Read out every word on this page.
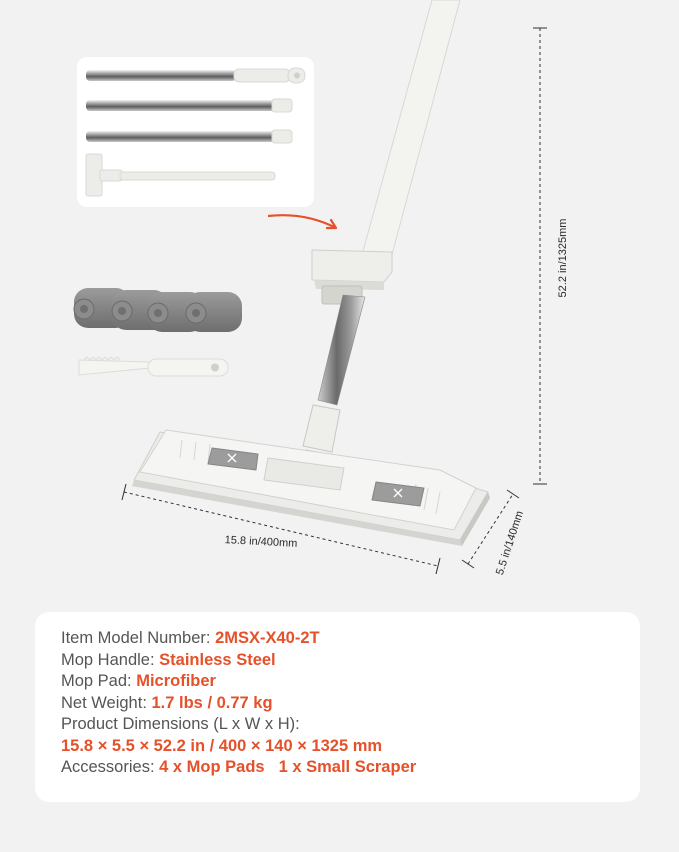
52.2 in/1325mm
15.8 in/400mm	5.5 in/140mm
Item Model Number: 2MSX-X40-2T
Mop Handle: Stainless Steel
Mop Pad: Microfiber
Net Weight: 1.7 lbs / 0.77 kg
Product Dimensions (L x W x H):
15.8 × 5.5 × 52.2 in / 400 × 140 × 1325 mm
Accessories: 4 x Mop Pads 1 x Small Scraper
